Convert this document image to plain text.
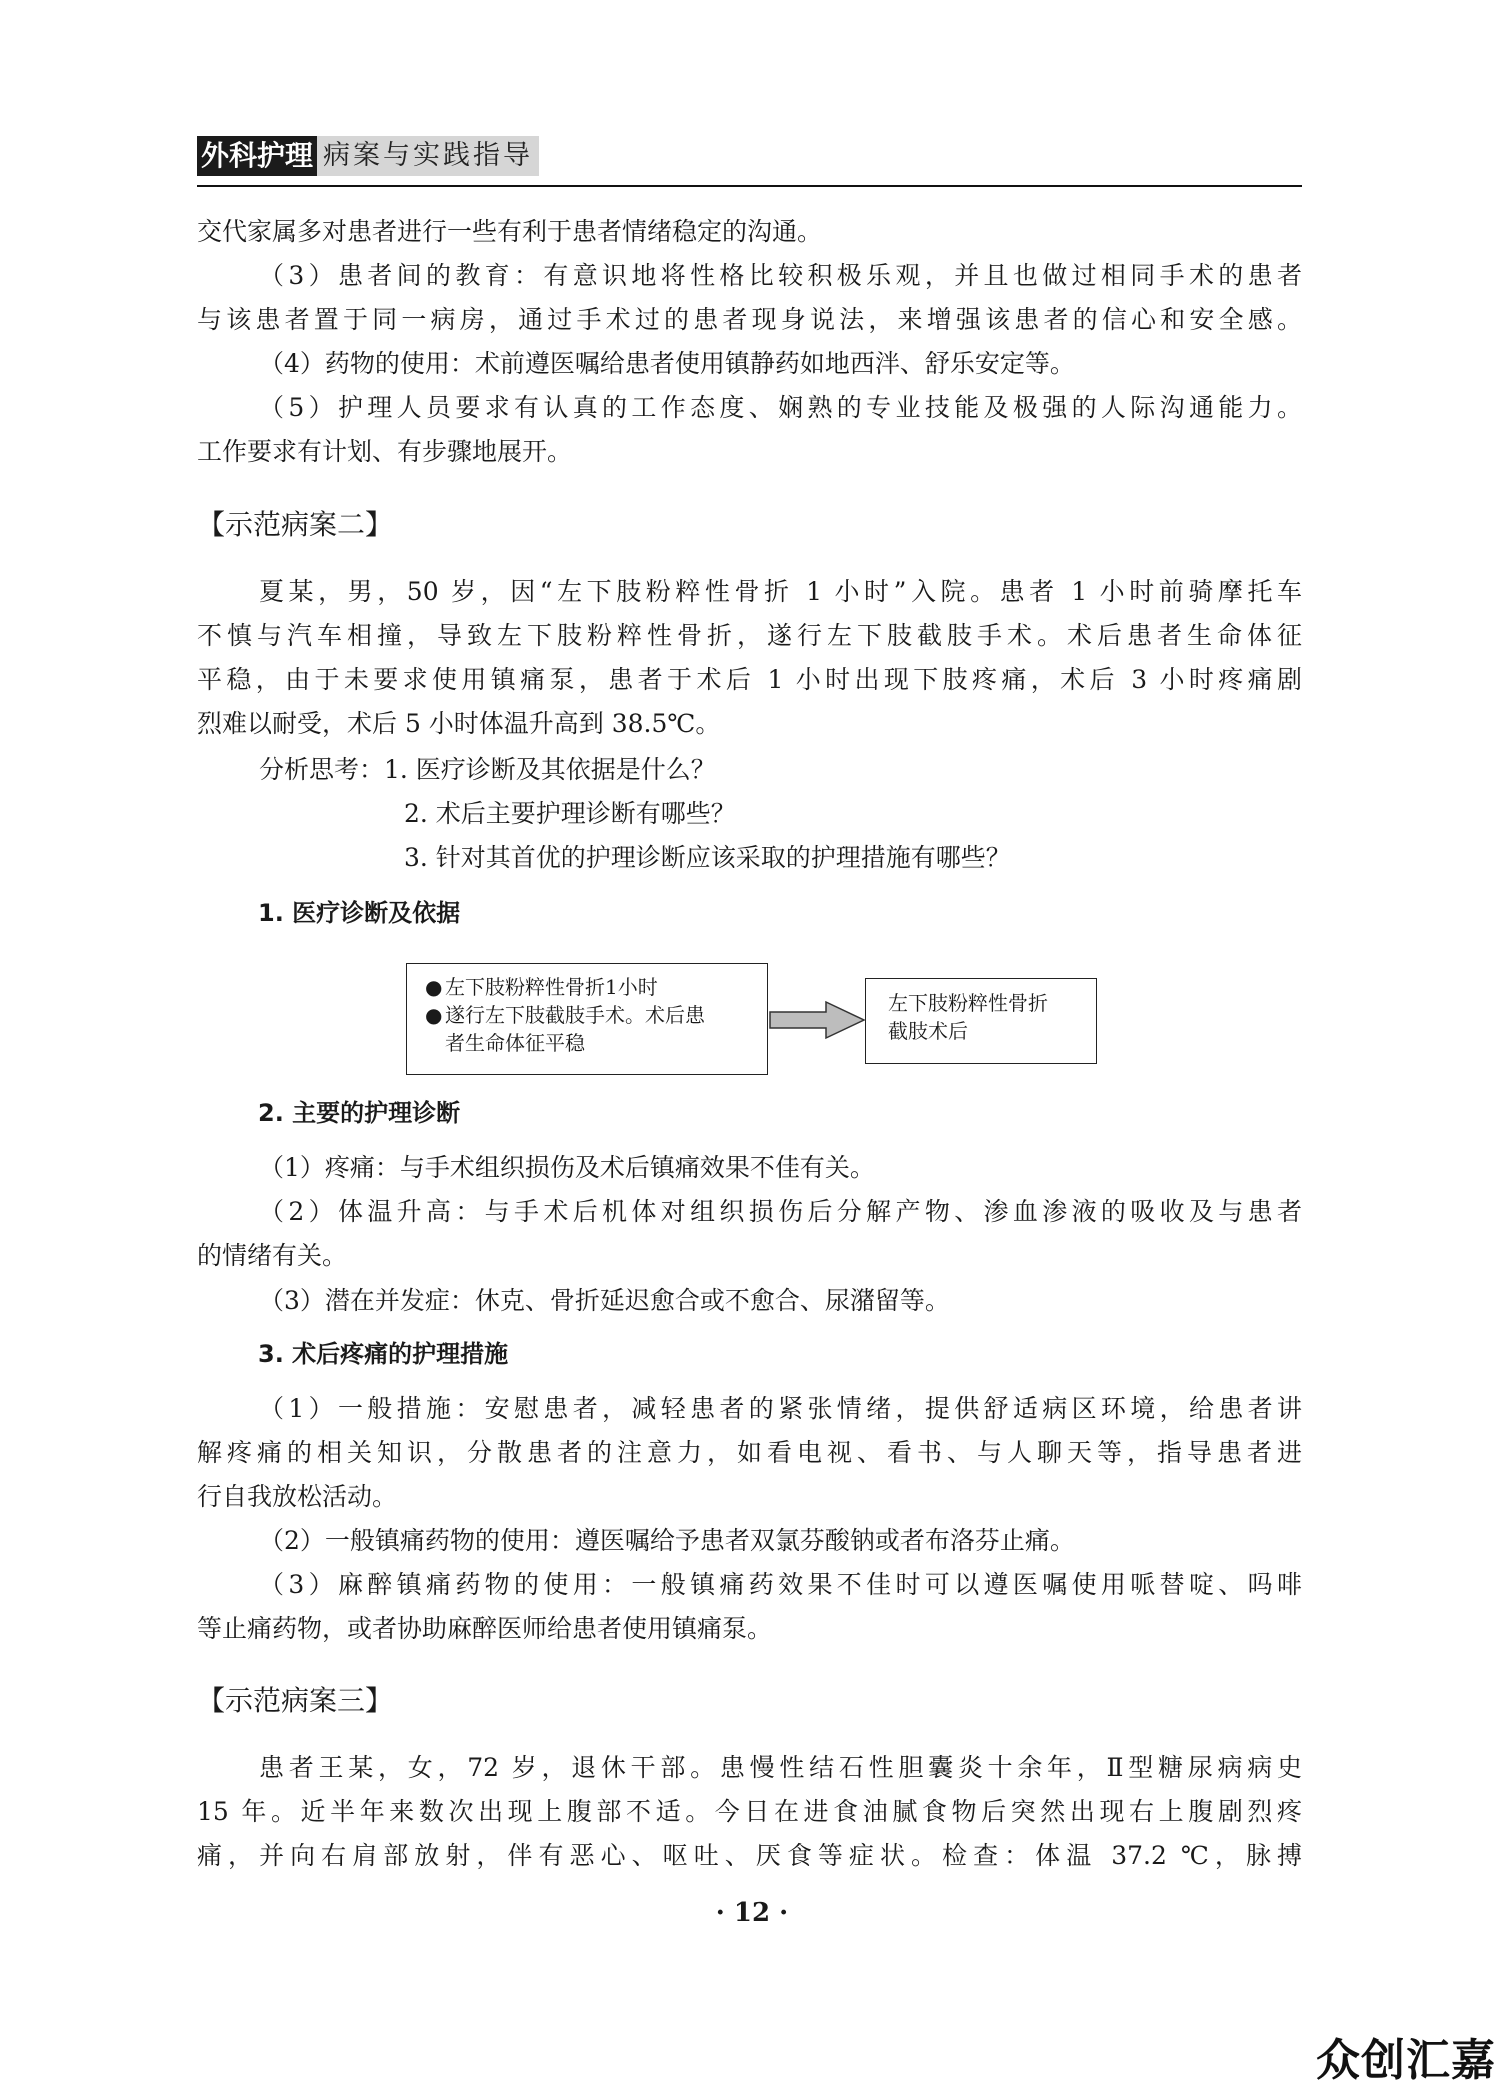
外科护理 病案与实践指导
交代家属多对患者进行一些有利于患者情绪稳定的沟通。
（3）患者间的教育：有意识地将性格比较积极乐观，并且也做过相同手术的患者
与该患者置于同一病房，通过手术过的患者现身说法，来增强该患者的信心和安全感。
（4）药物的使用：术前遵医嘱给患者使用镇静药如地西泮、舒乐安定等。
（5）护理人员要求有认真的工作态度、娴熟的专业技能及极强的人际沟通能力。
工作要求有计划、有步骤地展开。
【示范病案二】
夏某，男，50 岁，因“左下肢粉粹性骨折 1 小时”入院。患者 1 小时前骑摩托车
不慎与汽车相撞，导致左下肢粉粹性骨折，遂行左下肢截肢手术。术后患者生命体征
平稳，由于未要求使用镇痛泵，患者于术后 1 小时出现下肢疼痛，术后 3 小时疼痛剧
烈难以耐受，术后 5 小时体温升高到 38.5℃。
分析思考： 1. 医疗诊断及其依据是什么？
2. 术后主要护理诊断有哪些？
3. 针对其首优的护理诊断应该采取的护理措施有哪些？
1. 医疗诊断及依据
● 左下肢粉粹性骨折1小时
● 遂行左下肢截肢手术。术后患
者生命体征平稳
左下肢粉粹性骨折
截肢术后
2. 主要的护理诊断
（1）疼痛：与手术组织损伤及术后镇痛效果不佳有关。
（2）体温升高：与手术后机体对组织损伤后分解产物、渗血渗液的吸收及与患者
的情绪有关。
（3）潜在并发症：休克、骨折延迟愈合或不愈合、尿潴留等。
3. 术后疼痛的护理措施
（1）一般措施：安慰患者，减轻患者的紧张情绪，提供舒适病区环境，给患者讲
解疼痛的相关知识，分散患者的注意力，如看电视、看书、与人聊天等，指导患者进
行自我放松活动。
（2）一般镇痛药物的使用：遵医嘱给予患者双氯芬酸钠或者布洛芬止痛。
（3）麻醉镇痛药物的使用：一般镇痛药效果不佳时可以遵医嘱使用哌替啶、吗啡
等止痛药物，或者协助麻醉医师给患者使用镇痛泵。
【示范病案三】
患者王某，女，72 岁，退休干部。患慢性结石性胆囊炎十余年，Ⅱ型糖尿病病史
15 年。近半年来数次出现上腹部不适。今日在进食油腻食物后突然出现右上腹剧烈疼
痛，并向右肩部放射，伴有恶心、呕吐、厌食等症状。检查：体温 37.2 ℃，脉搏
· 12 ·
众创汇嘉
